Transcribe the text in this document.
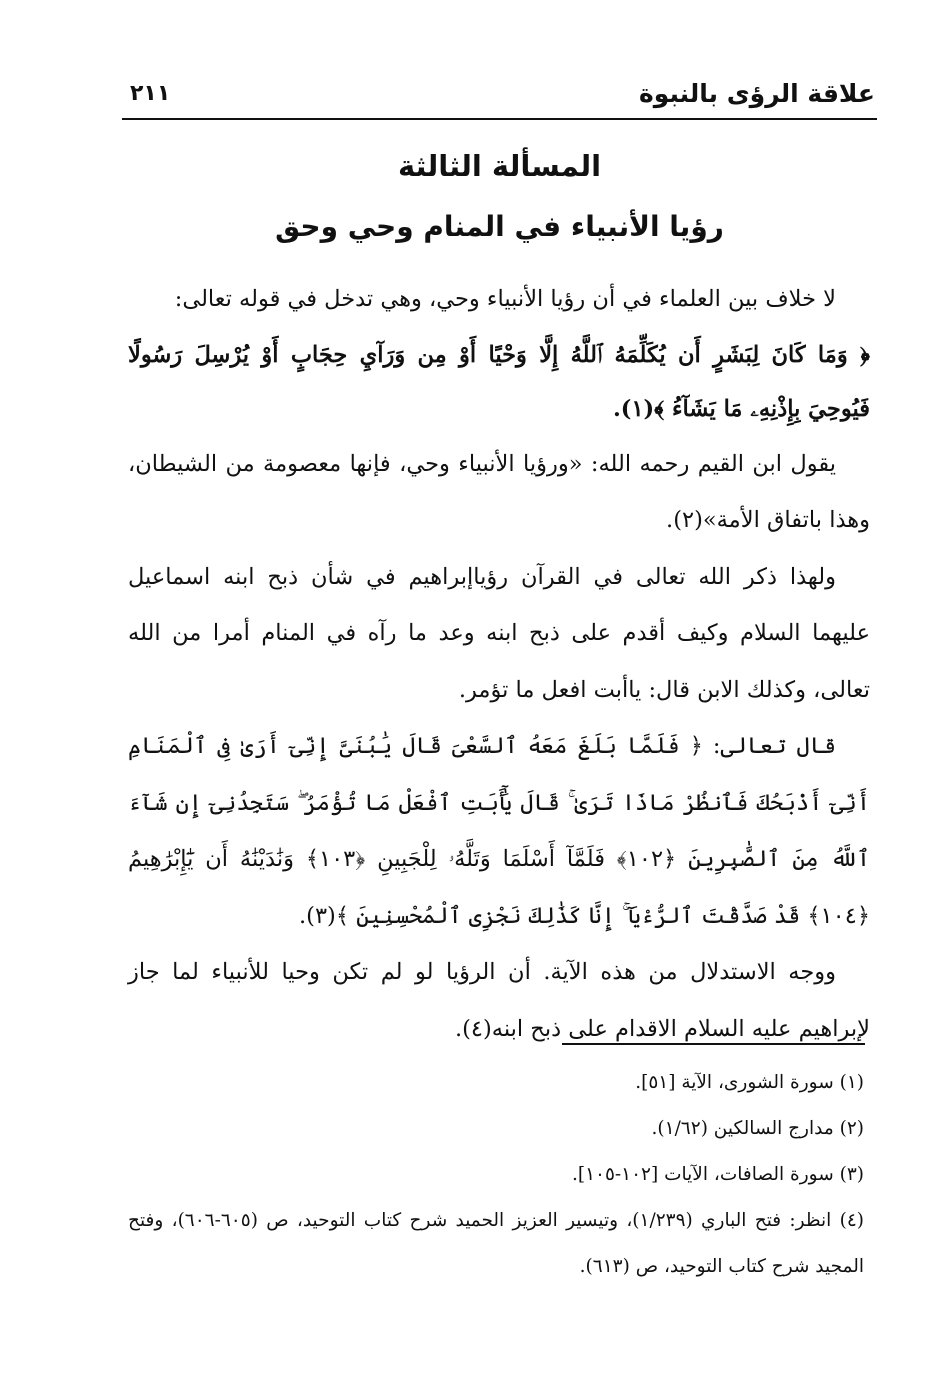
علاقة الرؤى بالنبوة
٢١١
المسألة الثالثة
رؤيا الأنبياء في المنام وحي وحق

لا خلاف بين العلماء في أن رؤيا الأنبياء وحي، وهي تدخل في قوله تعالى:

﴿ وَمَا كَانَ لِبَشَرٍ أَن يُكَلِّمَهُ ٱللَّهُ إِلَّا وَحْيًا أَوْ مِن وَرَآيِ حِجَابٍ أَوْ يُرْسِلَ رَسُولًا فَيُوحِيَ بِإِذْنِهِۦ مَا يَشَآءُ ﴾(١).

يقول ابن القيم رحمه الله: «ورؤيا الأنبياء وحي، فإنها معصومة من الشيطان، وهذا باتفاق الأمة»(٢).

ولهذا ذكر الله تعالى في القرآن رؤياإبراهيم في شأن ذبح ابنه اسماعيل عليهما السلام وكيف أقدم على ذبح ابنه وعد ما رآه في المنام أمرا من الله تعالى، وكذلك الابن قال: ياأبت افعل ما تؤمر.

قال تعالى: ﴿ فَلَمَّا بَلَغَ مَعَهُ ٱلسَّعْىَ قَالَ يَٰبُنَىَّ إِنِّىٓ أَرَىٰ فِى ٱلْمَنَامِ أَنِّىٓ أَذْبَحُكَ فَٱنظُرْ مَاذَا تَرَىٰ ۚ قَالَ يَٰٓأَبَتِ ٱفْعَلْ مَا تُؤْمَرُ ۖ سَتَجِدُنِىٓ إِن شَآءَ ٱللَّهُ مِنَ ٱلصَّٰبِرِينَ ﴿١٠٢﴾ فَلَمَّآ أَسْلَمَا وَتَلَّهُۥ لِلْجَبِينِ ﴿١٠٣﴾ وَنَٰدَيْنَٰهُ أَن يَٰٓإِبْرَٰهِيمُ ﴿١٠٤﴾ قَدْ صَدَّقْتَ ٱلرُّءْيَآ ۚ إِنَّا كَذَٰلِكَ نَجْزِى ٱلْمُحْسِنِينَ ﴾(٣).

ووجه الاستدلال من هذه الآية. أن الرؤيا لو لم تكن وحيا للأنبياء لما جاز لإبراهيم عليه السلام الاقدام على ذبح ابنه(٤).

(١) سورة الشورى، الآية [٥١].

(٢) مدارج السالكين (١/٦٢).

(٣) سورة الصافات، الآيات [١٠٢-١٠٥].

(٤) انظر: فتح الباري (١/٢٣٩)، وتيسير العزيز الحميد شرح كتاب التوحيد، ص (٦٠٥-٦٠٦)، وفتح المجيد شرح كتاب التوحيد، ص (٦١٣).
